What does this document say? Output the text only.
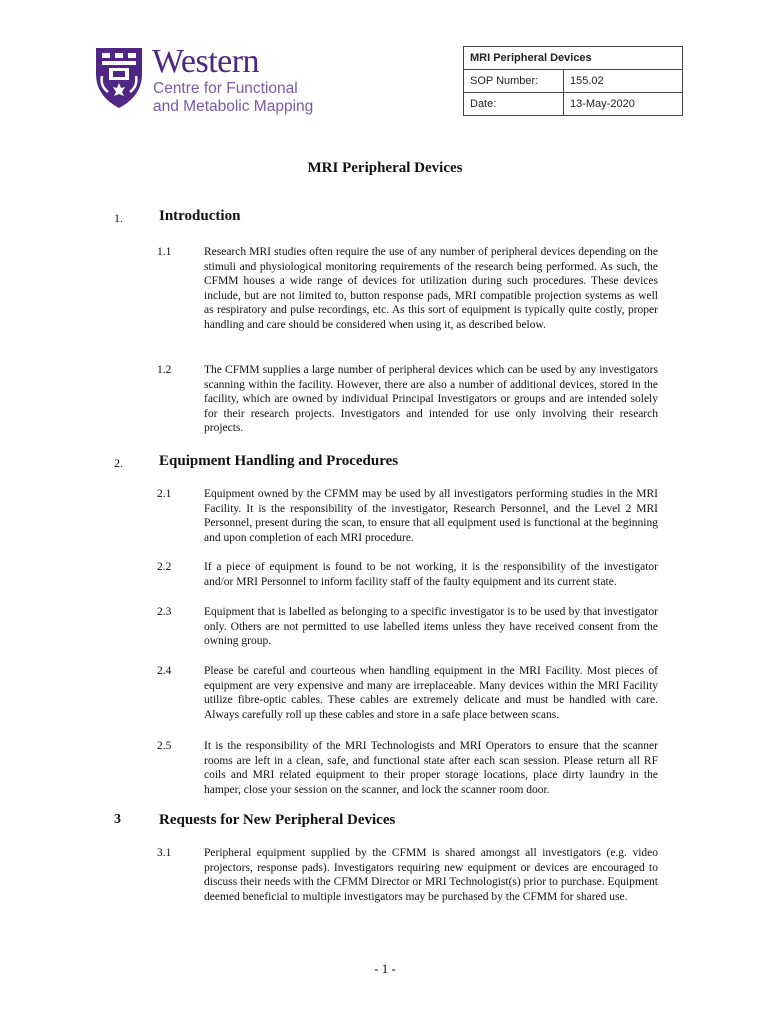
Western
Centre for Functional
and Metabolic Mapping
MRI Peripheral Devices	
SOP Number:	155.02
Date:	13-May-2020
MRI Peripheral Devices
1. Introduction
1.1	Research MRI studies often require the use of any number of peripheral devices depending on the stimuli and physiological monitoring requirements of the research being performed. As such, the CFMM houses a wide range of devices for utilization during such procedures. These devices include, but are not limited to, button response pads, MRI compatible projection systems as well as respiratory and pulse recordings, etc. As this sort of equipment is typically quite costly, proper handling and care should be considered when using it, as described below.
1.2	The CFMM supplies a large number of peripheral devices which can be used by any investigators scanning within the facility. However, there are also a number of additional devices, stored in the facility, which are owned by individual Principal Investigators or groups and are intended solely for their research projects. Investigators and intended for use only involving their research projects.
2. Equipment Handling and Procedures
2.1	Equipment owned by the CFMM may be used by all investigators performing studies in the MRI Facility. It is the responsibility of the investigator, Research Personnel, and the Level 2 MRI Personnel, present during the scan, to ensure that all equipment used is functional at the beginning and upon completion of each MRI procedure.
2.2	If a piece of equipment is found to be not working, it is the responsibility of the investigator and/or MRI Personnel to inform facility staff of the faulty equipment and its current state.
2.3	Equipment that is labelled as belonging to a specific investigator is to be used by that investigator only. Others are not permitted to use labelled items unless they have received consent from the owning group.
2.4	Please be careful and courteous when handling equipment in the MRI Facility. Most pieces of equipment are very expensive and many are irreplaceable. Many devices within the MRI Facility utilize fibre-optic cables. These cables are extremely delicate and must be handled with care. Always carefully roll up these cables and store in a safe place between scans.
2.5	It is the responsibility of the MRI Technologists and MRI Operators to ensure that the scanner rooms are left in a clean, safe, and functional state after each scan session. Please return all RF coils and MRI related equipment to their proper storage locations, place dirty laundry in the hamper, close your session on the scanner, and lock the scanner room door.
3	Requests for New Peripheral Devices
3.1	Peripheral equipment supplied by the CFMM is shared amongst all investigators (e.g. video projectors, response pads). Investigators requiring new equipment or devices are encouraged to discuss their needs with the CFMM Director or MRI Technologist(s) prior to purchase. Equipment deemed beneficial to multiple investigators may be purchased by the CFMM for shared use.
- 1 -
